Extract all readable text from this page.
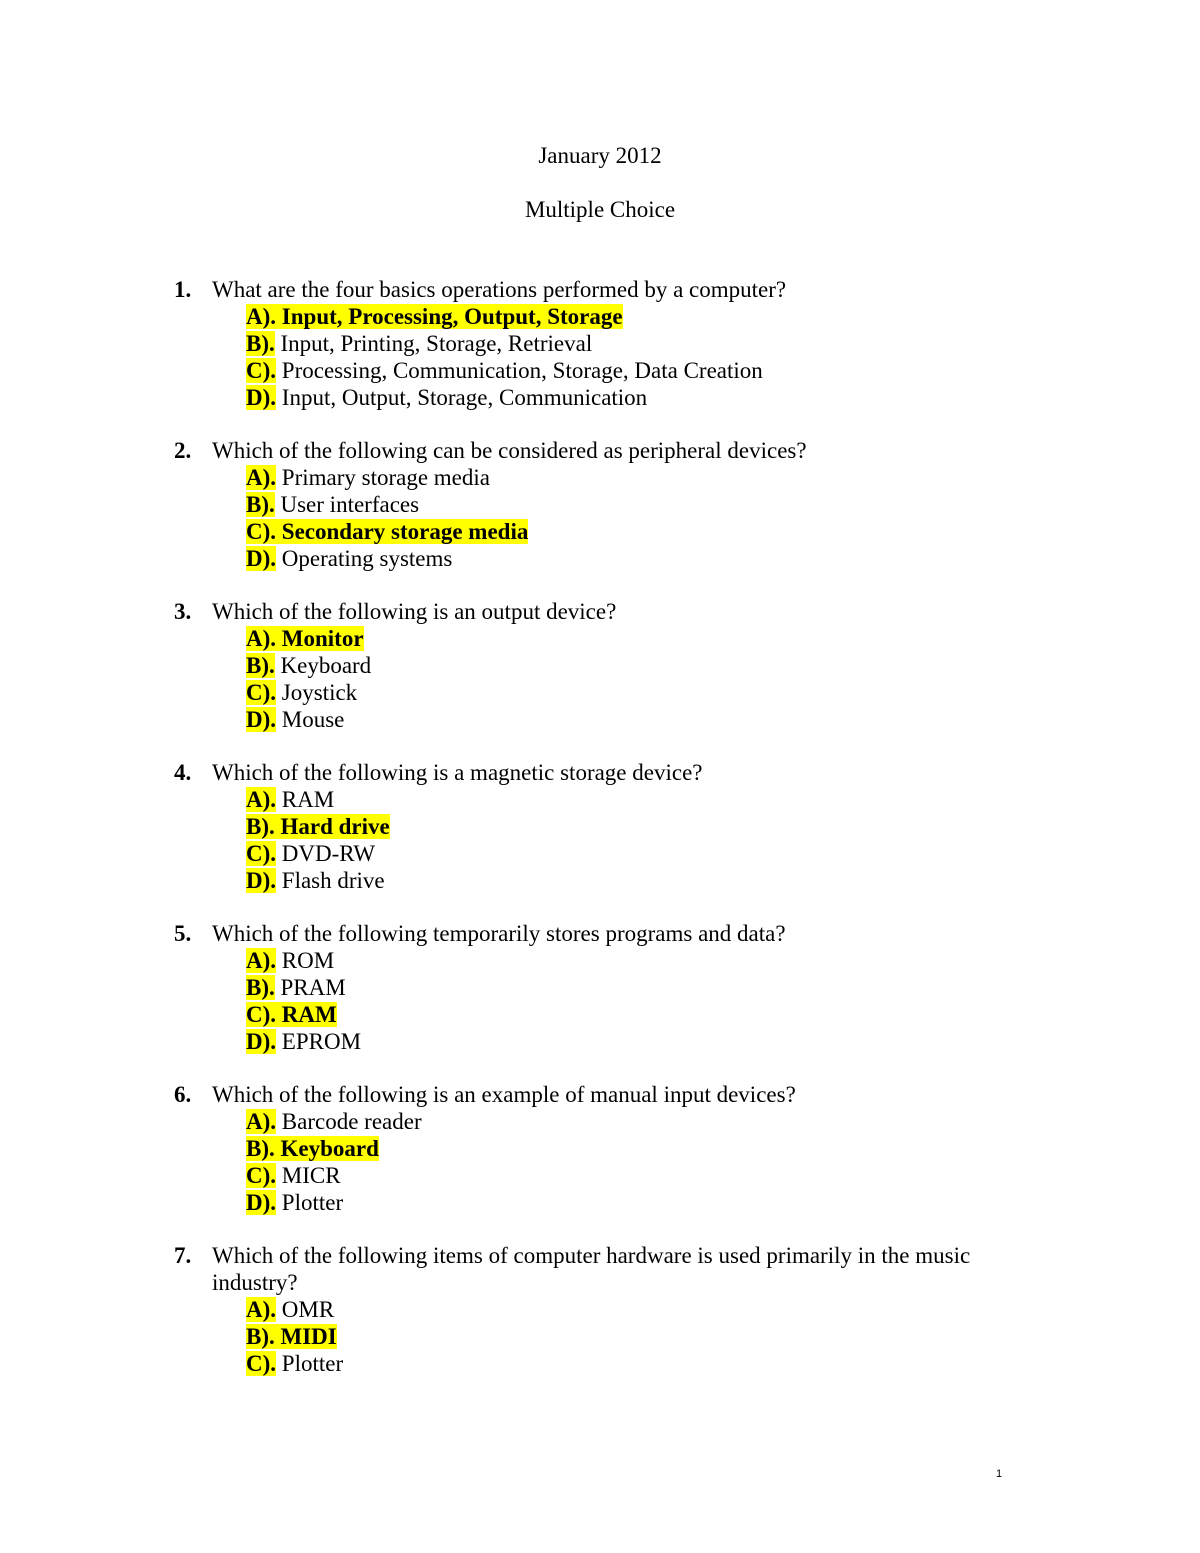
January 2012
Multiple Choice
1. What are the four basics operations performed by a computer?
A). Input, Processing, Output, Storage
B). Input, Printing, Storage, Retrieval
C). Processing, Communication, Storage, Data Creation
D). Input, Output, Storage, Communication
2. Which of the following can be considered as peripheral devices?
A). Primary storage media
B). User interfaces
C). Secondary storage media
D). Operating systems
3. Which of the following is an output device?
A). Monitor
B). Keyboard
C). Joystick
D). Mouse
4. Which of the following is a magnetic storage device?
A). RAM
B). Hard drive
C). DVD-RW
D). Flash drive
5. Which of the following temporarily stores programs and data?
A). ROM
B). PRAM
C). RAM
D). EPROM
6. Which of the following is an example of manual input devices?
A). Barcode reader
B). Keyboard
C). MICR
D). Plotter
7. Which of the following items of computer hardware is used primarily in the music industry?
A). OMR
B). MIDI
C). Plotter
1
